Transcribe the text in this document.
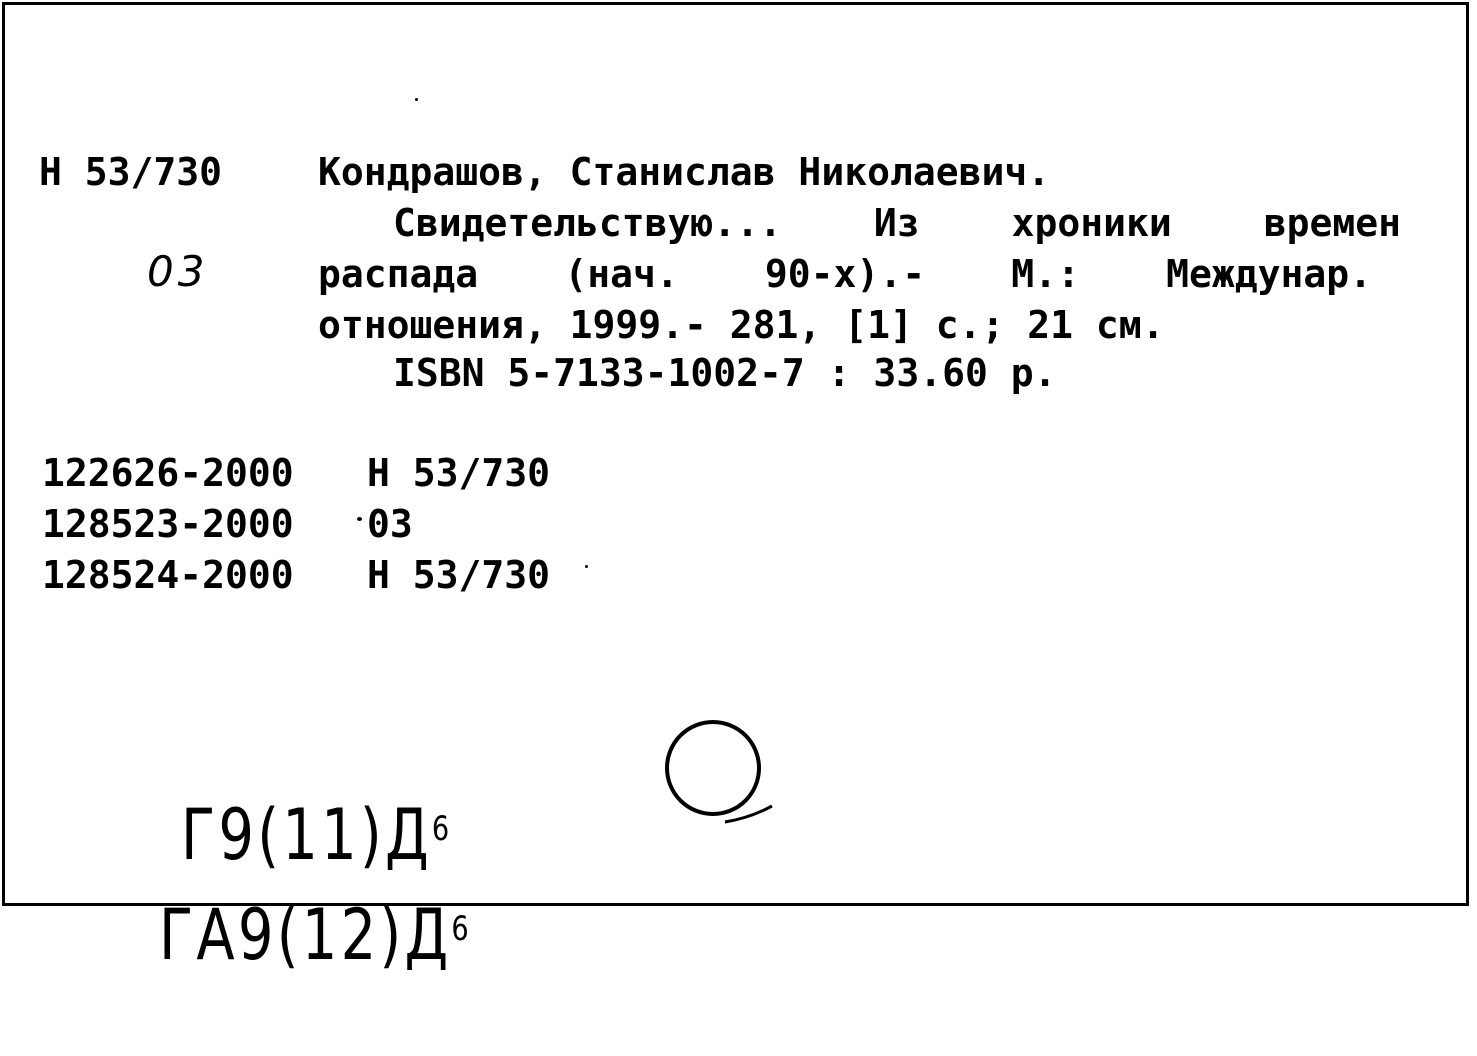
Н 53/730
03
Кондрашов, Станислав Николаевич.
Свидетельствую... Из хроники времен
распада (нач. 90-х).- М.: Междунар.
отношения, 1999.- 281, [1] с.; 21 см.
ISBN 5-7133-1002-7 : 33.60 р.
122626-2000 Н 53/730
128523-2000 03
128524-2000 Н 53/730

$Г9(11)Д^6$

$ГА9(12)Д^6$
